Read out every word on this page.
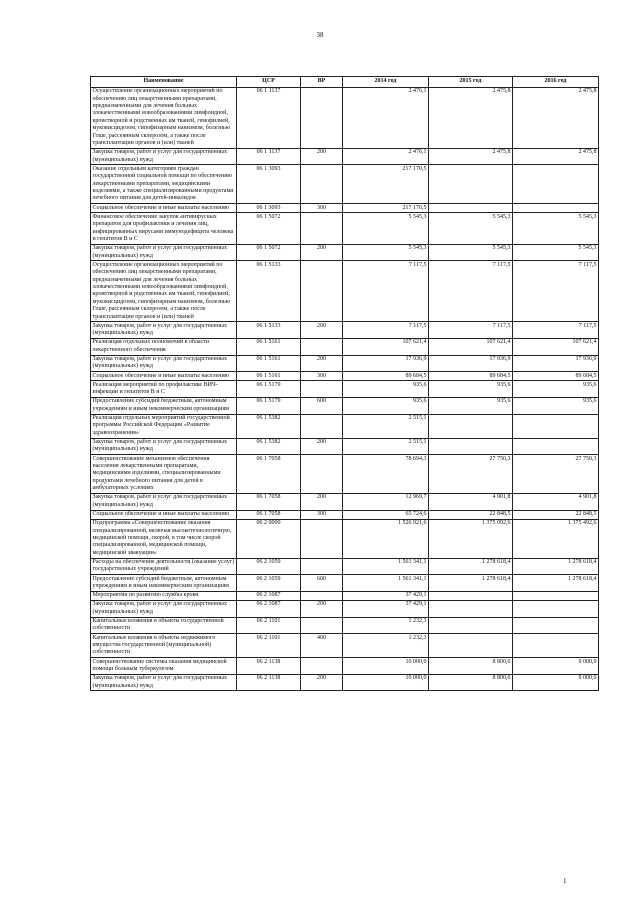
38
Наименование	ЦСР	ВР	2014 год	2015 год	2016 год
Осуществление организационных мероприятий по обеспечению лиц лекарственными препаратами, предназначенными для лечения больных злокачественными новообразованиями лимфоидной, кроветворной и родственных им тканей, гемофилией, муковисцидозом, гипофизарным нанизмом, болезнью Гоше, рассеянным склерозом, а также после трансплантации органов и (или) тканей	06 1 1137		2 476,1	2 475,8	2 475,8
Закупка товаров, работ и услуг для государственных (муниципальных) нужд	06 1 1137	200	2 476,1	2 475,8	2 475,8
Оказание отдельным категориям граждан государственной социальной помощи по обеспечению лекарственными препаратами, медицинскими изделиями, а также специализированными продуктами лечебного питания для детей-инвалидов	06 1 3093		217 170,5		
Социальное обеспечение и иные выплаты населению	06 1 3093	300	217 170,5		
Финансовое обеспечение закупок антивирусных препаратов для профилактики и лечения лиц, инфицированных вирусами иммунодефицита человека и гепатитов В и С	06 1 5072		5 545,3	5 545,3	5 545,3
Закупка товаров, работ и услуг для государственных (муниципальных) нужд	06 1 5072	200	5 545,3	5 545,3	5 545,3
Осуществление организационных мероприятий по обеспечению лиц лекарственными препаратами, предназначенными для лечения больных злокачественными новообразованиями лимфоидной, кроветворной и родственных им тканей, гемофилией, муковисцидозом, гипофизарным нанизмом, болезнью Гоше, рассеянным склерозом, а также после трансплантации органов и (или) тканей	06 1 5133		7 117,5	7 117,5	7 117,5
Закупка товаров, работ и услуг для государственных (муниципальных) нужд	06 1 5133	200	7 117,5	7 117,5	7 117,5
Реализация отдельных полномочий в области лекарственного обеспечения	06 1 5161		107 621,4	107 621,4	107 621,4
Закупка товаров, работ и услуг для государственных (муниципальных) нужд	06 1 5161	200	17 936,9	17 936,9	17 936,9
Социальное обеспечение и иные выплаты населению	06 1 5161	300	89 684,5	89 684,5	89 684,5
Реализация мероприятий по профилактике ВИЧ-инфекции и гепатитов В и С	06 1 5179		935,6	935,6	935,6
Предоставление субсидий бюджетным, автономным учреждениям и иным некоммерческим организациям	06 1 5179	600	935,6	935,6	935,6
Реализация отдельных мероприятий государственной программы Российской Федерации «Развитие здравоохранения»	06 1 5382		2 515,1		
Закупка товаров, работ и услуг для государственных (муниципальных) нужд	06 1 5382	200	2 515,1		
Совершенствование механизмов обеспечения населения лекарственными препаратами, медицинскими изделиями, специализированными продуктами лечебного питания для детей в амбулаторных условиях	06 1 7058		78 694,3	27 750,3	27 750,3
Закупка товаров, работ и услуг для государственных (муниципальных) нужд	06 1 7058	200	12 969,7	4 901,8	4 901,8
Социальное обеспечение и иные выплаты населению	06 1 7058	300	65 724,6	22 848,5	22 848,5
Подпрограмма «Совершенствование оказания специализированной, включая высокотехнологичную, медицинской помощи, скорой, в том числе скорой специализированной, медицинской помощи, медицинской эвакуации»	06 2 0000		1 526 921,6	1 375 092,6	1 375 492,6
Расходы на обеспечение деятельности (оказание услуг) государственных учреждений	06 2 1059		1 561 341,1	1 278 618,4	1 278 618,4
Предоставление субсидий бюджетным, автономным учреждениям и иным некоммерческим организациям	06 2 1059	600	1 561 341,1	1 278 618,4	1 278 618,4
Мероприятия по развитию службы крови	06 2 1087		37 429,1		
Закупка товаров, работ и услуг для государственных (муниципальных) нужд	06 2 1087	200	37 429,1		
Капитальные вложения в объекты государственной собственности	06 2 1101		1 232,3		
Капитальные вложения в объекты недвижимого имущества государственной (муниципальной) собственности	06 2 1101	400	1 232,3		
Совершенствование системы оказания медицинской помощи больным туберкулезом	06 2 1138		10 000,0	8 800,0	9 000,0
Закупка товаров, работ и услуг для государственных (муниципальных) нужд	06 2 1138	200	10 000,0	8 800,0	9 000,0
1
